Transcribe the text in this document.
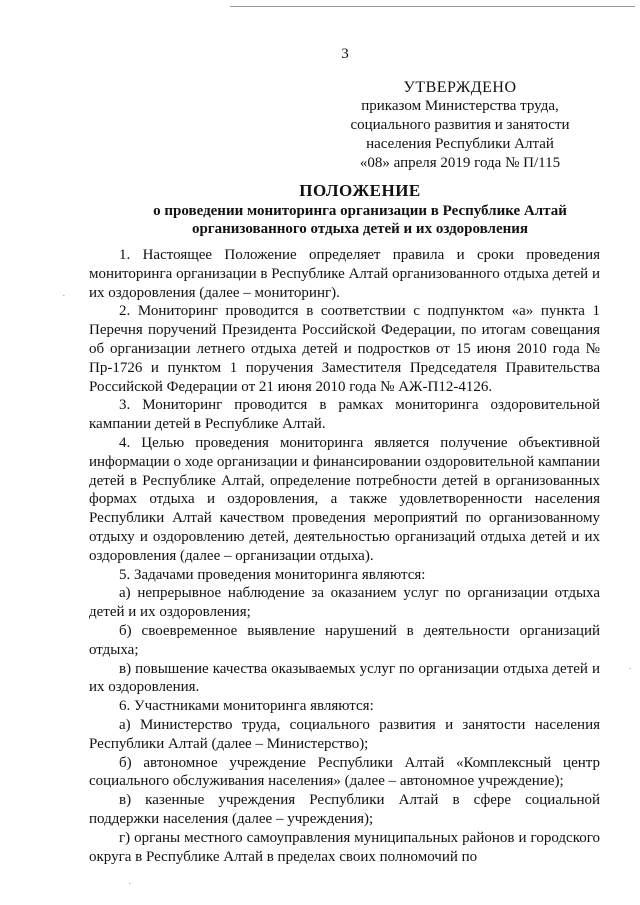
3
УТВЕРЖДЕНО
приказом Министерства труда,
социального развития и занятости
населения Республики Алтай
«08» апреля 2019 года № П/115
ПОЛОЖЕНИЕ
о проведении мониторинга организации в Республике Алтай
организованного отдыха детей и их оздоровления

1. Настоящее Положение определяет правила и сроки проведения мониторинга организации в Республике Алтай организованного отдыха детей и их оздоровления (далее – мониторинг).

2. Мониторинг проводится в соответствии с подпунктом «а» пункта 1 Перечня поручений Президента Российской Федерации, по итогам совещания об организации летнего отдыха детей и подростков от 15 июня 2010 года № Пр-1726 и пунктом 1 поручения Заместителя Председателя Правительства Российской Федерации от 21 июня 2010 года № АЖ-П12-4126.

3. Мониторинг проводится в рамках мониторинга оздоровительной кампании детей в Республике Алтай.

4. Целью проведения мониторинга является получение объективной информации о ходе организации и финансировании оздоровительной кампании детей в Республике Алтай, определение потребности детей в организованных формах отдыха и оздоровления, а также удовлетворенности населения Республики Алтай качеством проведения мероприятий по организованному отдыху и оздоровлению детей, деятельностью организаций отдыха детей и их оздоровления (далее – организации отдыха).

5. Задачами проведения мониторинга являются:

а) непрерывное наблюдение за оказанием услуг по организации отдыха детей и их оздоровления;

б) своевременное выявление нарушений в деятельности организаций отдыха;

в) повышение качества оказываемых услуг по организации отдыха детей и их оздоровления.

6. Участниками мониторинга являются:

а) Министерство труда, социального развития и занятости населения Республики Алтай (далее – Министерство);

б) автономное учреждение Республики Алтай «Комплексный центр социального обслуживания населения» (далее – автономное учреждение);

в) казенные учреждения Республики Алтай в сфере социальной поддержки населения (далее – учреждения);

г) органы местного самоуправления муниципальных районов и городского округа в Республике Алтай в пределах своих полномочий по

·
·
·
